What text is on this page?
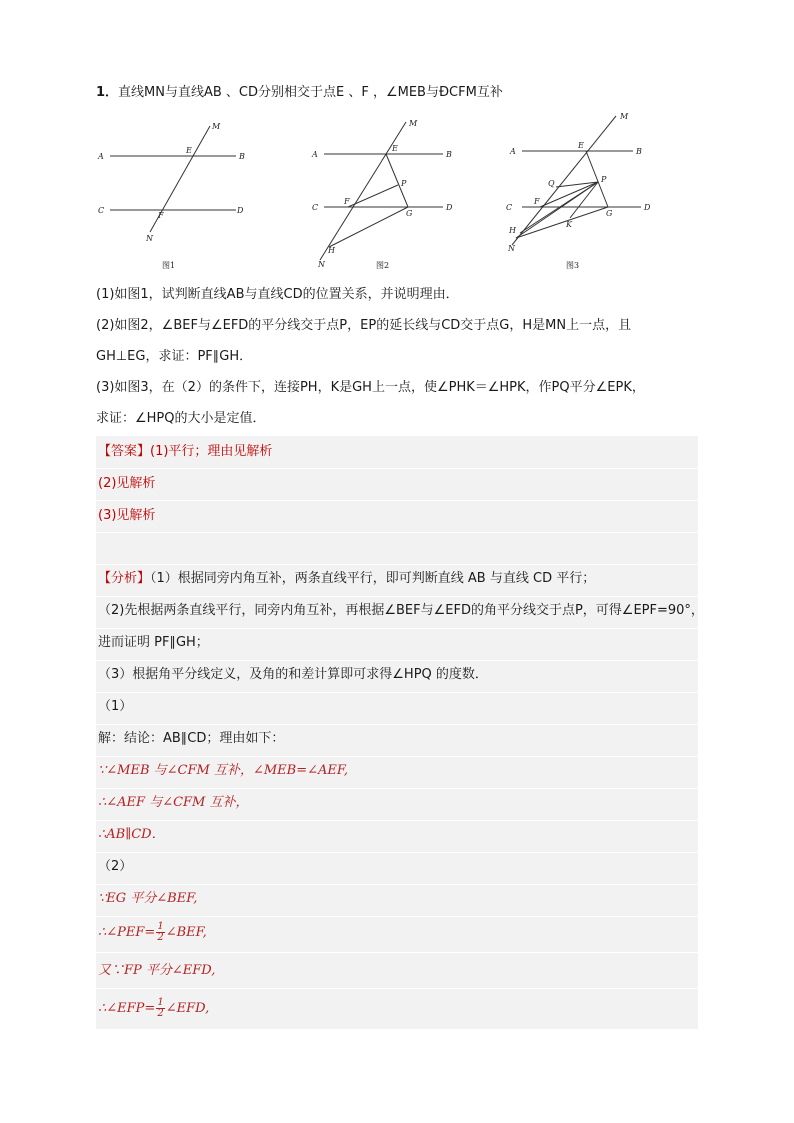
1．直线MN与直线AB 、CD分别相交于点E 、F ，∠MEB与ÐCFM互补
M
A
E
B
C
F
D
N
图1
M
A
E
B
P
C
F
G
D
H
N	图2
M
A
E
B
Q	P
C
F
G
D
K
H
N
图3
(1)如图1，试判断直线AB与直线CD的位置关系，并说明理由．
(2)如图2，∠BEF与∠EFD的平分线交于点P，EP的延长线与CD交于点G，H是MN上一点，且
GH⊥EG，求证：PF∥GH．
(3)如图3，在（2）的条件下，连接PH，K是GH上一点，使∠PHK＝∠HPK，作PQ平分∠EPK，
求证：∠HPQ的大小是定值．
【答案】(1)平行；理由见解析
(2)见解析
(3)见解析
【分析】（1）根据同旁内角互补，两条直线平行，即可判断直线 AB 与直线 CD 平行；
（2)先根据两条直线平行，同旁内角互补，再根据∠BEF与∠EFD的角平分线交于点P，可得∠EPF=90°，
进而证明 PF∥GH；
（3）根据角平分线定义，及角的和差计算即可求得∠HPQ 的度数．
（1）
解：结论：AB∥CD；理由如下：
∵∠MEB 与∠CFM 互补，∠MEB=∠AEF,
∴∠AEF 与∠CFM 互补，
∴AB∥CD．
（2）
∵EG 平分∠BEF,
∴∠PEF= $\frac{1}{2}$ ∠BEF,
又∵FP 平分∠EFD,
∴∠EFP= $\frac{1}{2}$ ∠EFD,
